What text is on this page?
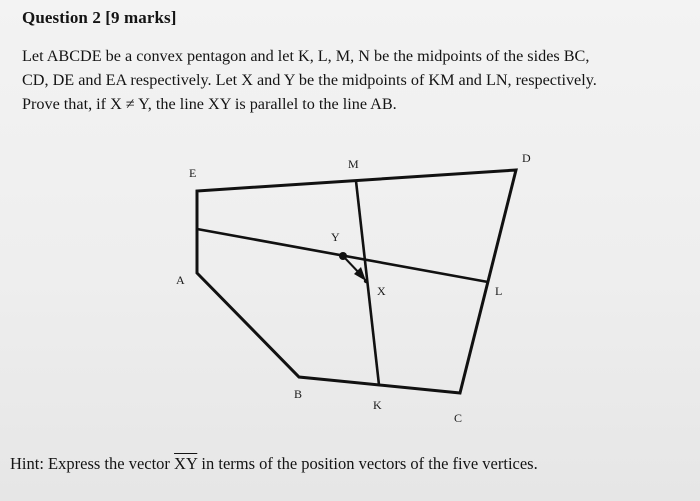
Question 2 [9 marks]
Let ABCDE be a convex pentagon and let K, L, M, N be the midpoints of the sides BC,
CD, DE and EA respectively. Let X and Y be the midpoints of KM and LN, respectively.
Prove that, if X ≠ Y, the line XY is parallel to the line AB.
E
M	D
Y
A
X	L
B
K
C
Hint: Express the vector $\overline{XY}$ in terms of the position vectors of the five vertices.
